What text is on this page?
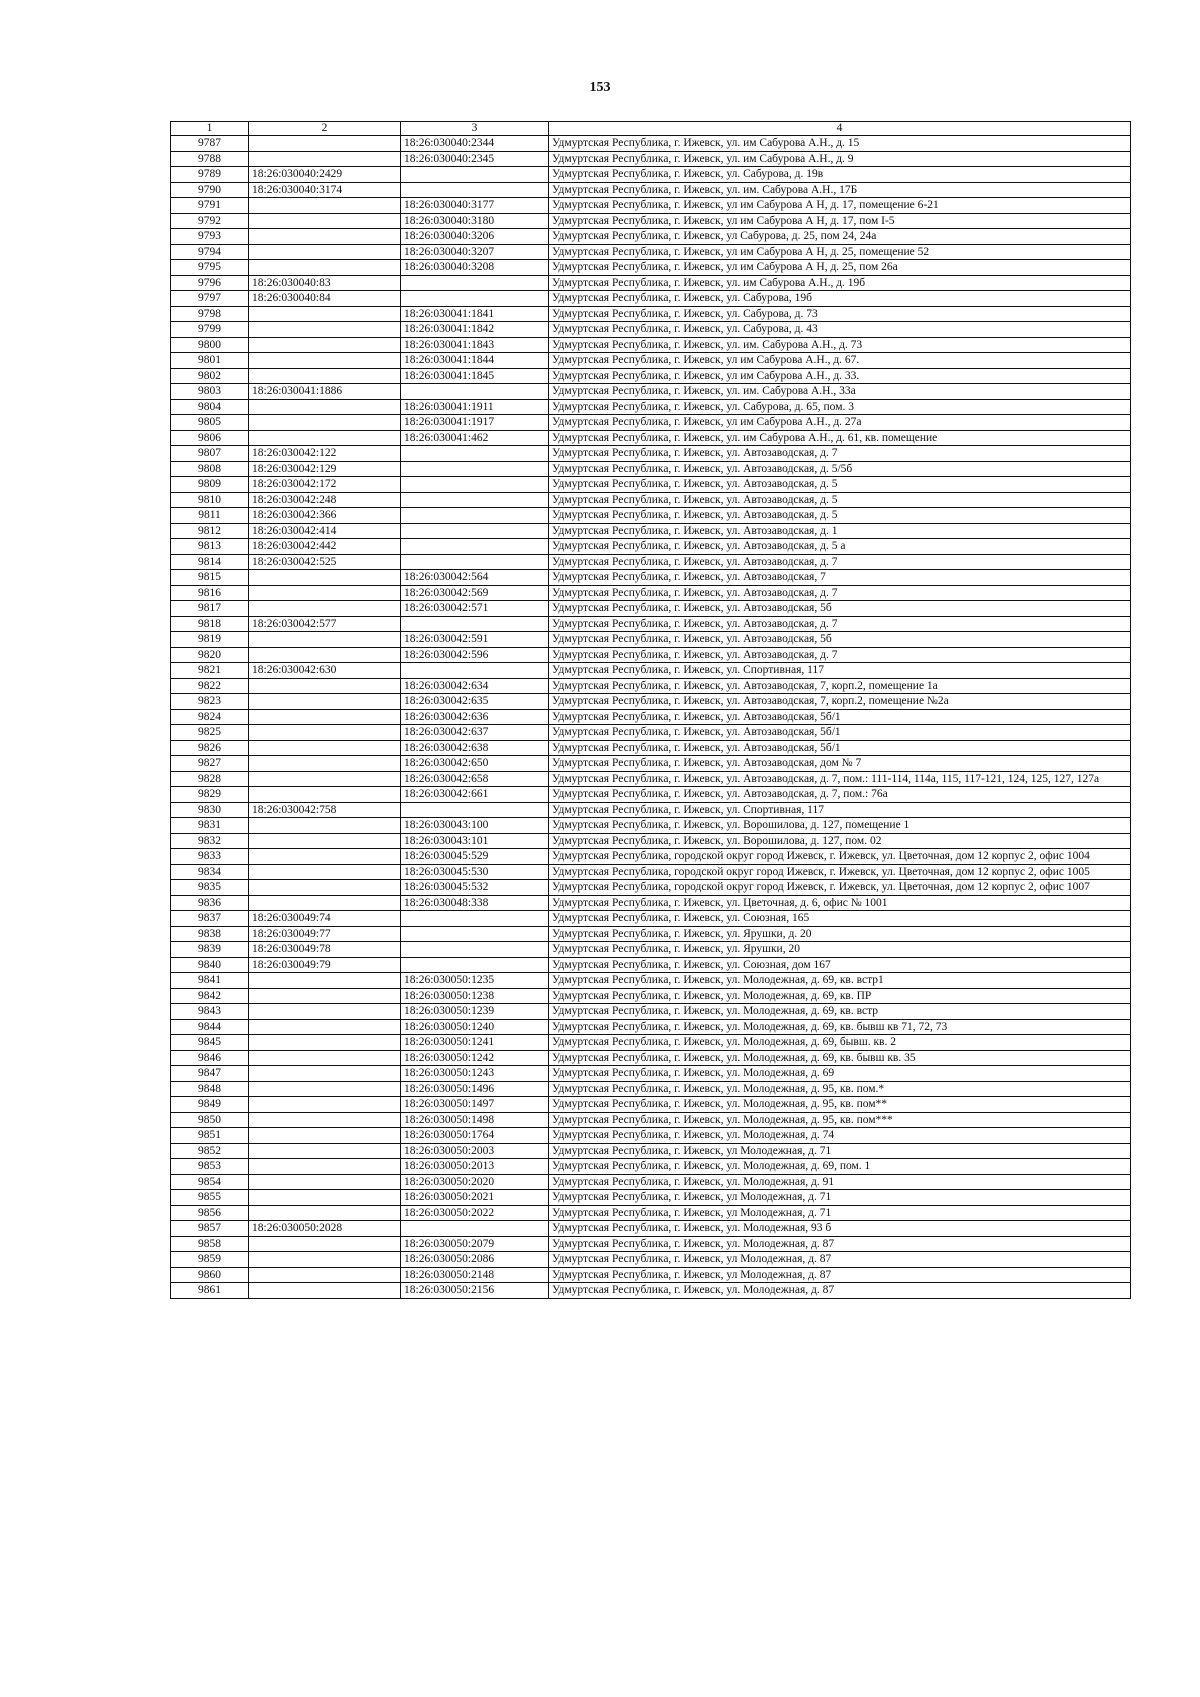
153
1	2	3	4
9787		18:26:030040:2344	Удмуртская Республика, г. Ижевск, ул. им Сабурова А.Н., д. 15
9788		18:26:030040:2345	Удмуртская Республика, г. Ижевск, ул. им Сабурова А.Н., д. 9
9789	18:26:030040:2429		Удмуртская Республика, г. Ижевск, ул. Сабурова, д. 19в
9790	18:26:030040:3174		Удмуртская Республика, г. Ижевск, ул. им. Сабурова А.Н., 17Б
9791		18:26:030040:3177	Удмуртская Республика, г. Ижевск, ул им Сабурова А Н, д. 17, помещение 6-21
9792		18:26:030040:3180	Удмуртская Республика, г. Ижевск, ул им Сабурова А Н, д. 17, пом I-5
9793		18:26:030040:3206	Удмуртская Республика, г. Ижевск, ул Сабурова, д. 25, пом 24, 24а
9794		18:26:030040:3207	Удмуртская Республика, г. Ижевск, ул им Сабурова А Н, д. 25, помещение 52
9795		18:26:030040:3208	Удмуртская Республика, г. Ижевск, ул им Сабурова А Н, д. 25, пом 26а
9796	18:26:030040:83		Удмуртская Республика, г. Ижевск, ул. им Сабурова А.Н., д. 19б
9797	18:26:030040:84		Удмуртская Республика, г. Ижевск, ул. Сабурова, 19б
9798		18:26:030041:1841	Удмуртская Республика, г. Ижевск, ул. Сабурова, д. 73
9799		18:26:030041:1842	Удмуртская Республика, г. Ижевск, ул. Сабурова, д. 43
9800		18:26:030041:1843	Удмуртская Республика, г. Ижевск, ул. им. Сабурова А.Н., д. 73
9801		18:26:030041:1844	Удмуртская Республика, г. Ижевск, ул им Сабурова А.Н., д. 67.
9802		18:26:030041:1845	Удмуртская Республика, г. Ижевск, ул им Сабурова А.Н., д. 33.
9803	18:26:030041:1886		Удмуртская Республика, г. Ижевск, ул. им. Сабурова А.Н., 33а
9804		18:26:030041:1911	Удмуртская Республика, г. Ижевск, ул. Сабурова, д. 65, пом. 3
9805		18:26:030041:1917	Удмуртская Республика, г. Ижевск, ул им Сабурова А.Н., д. 27а
9806		18:26:030041:462	Удмуртская Республика, г. Ижевск, ул. им Сабурова А.Н., д. 61, кв. помещение
9807	18:26:030042:122		Удмуртская Республика, г. Ижевск, ул. Автозаводская, д. 7
9808	18:26:030042:129		Удмуртская Республика, г. Ижевск, ул. Автозаводская, д. 5/5б
9809	18:26:030042:172		Удмуртская Республика, г. Ижевск, ул. Автозаводская, д. 5
9810	18:26:030042:248		Удмуртская Республика, г. Ижевск, ул. Автозаводская, д. 5
9811	18:26:030042:366		Удмуртская Республика, г. Ижевск, ул. Автозаводская, д. 5
9812	18:26:030042:414		Удмуртская Республика, г. Ижевск, ул. Автозаводская, д. 1
9813	18:26:030042:442		Удмуртская Республика, г. Ижевск, ул. Автозаводская, д. 5 а
9814	18:26:030042:525		Удмуртская Республика, г. Ижевск, ул. Автозаводская, д. 7
9815		18:26:030042:564	Удмуртская Республика, г. Ижевск, ул. Автозаводская, 7
9816		18:26:030042:569	Удмуртская Республика, г. Ижевск, ул. Автозаводская, д. 7
9817		18:26:030042:571	Удмуртская Республика, г. Ижевск, ул. Автозаводская, 5б
9818	18:26:030042:577		Удмуртская Республика, г. Ижевск, ул. Автозаводская, д. 7
9819		18:26:030042:591	Удмуртская Республика, г. Ижевск, ул. Автозаводская, 5б
9820		18:26:030042:596	Удмуртская Республика, г. Ижевск, ул. Автозаводская, д. 7
9821	18:26:030042:630		Удмуртская Республика, г. Ижевск, ул. Спортивная, 117
9822		18:26:030042:634	Удмуртская Республика, г. Ижевск, ул. Автозаводская, 7, корп.2, помещение 1а
9823		18:26:030042:635	Удмуртская Республика, г. Ижевск, ул. Автозаводская, 7, корп.2, помещение №2а
9824		18:26:030042:636	Удмуртская Республика, г. Ижевск, ул. Автозаводская, 5б/1
9825		18:26:030042:637	Удмуртская Республика, г. Ижевск, ул. Автозаводская, 5б/1
9826		18:26:030042:638	Удмуртская Республика, г. Ижевск, ул. Автозаводская, 5б/1
9827		18:26:030042:650	Удмуртская Республика, г. Ижевск, ул. Автозаводская, дом № 7
9828		18:26:030042:658	Удмуртская Республика, г. Ижевск, ул. Автозаводская, д. 7, пом.: 111-114, 114а, 115, 117-121, 124, 125, 127, 127а
9829		18:26:030042:661	Удмуртская Республика, г. Ижевск, ул. Автозаводская, д. 7, пом.: 76а
9830	18:26:030042:758		Удмуртская Республика, г. Ижевск, ул. Спортивная, 117
9831		18:26:030043:100	Удмуртская Республика, г. Ижевск, ул. Ворошилова, д. 127, помещение 1
9832		18:26:030043:101	Удмуртская Республика, г. Ижевск, ул. Ворошилова, д. 127, пом. 02
9833		18:26:030045:529	Удмуртская Республика, городской округ город Ижевск, г. Ижевск, ул. Цветочная, дом 12 корпус 2, офис 1004
9834		18:26:030045:530	Удмуртская Республика, городской округ город Ижевск, г. Ижевск, ул. Цветочная, дом 12 корпус 2, офис 1005
9835		18:26:030045:532	Удмуртская Республика, городской округ город Ижевск, г. Ижевск, ул. Цветочная, дом 12 корпус 2, офис 1007
9836		18:26:030048:338	Удмуртская Республика, г. Ижевск, ул. Цветочная, д. 6, офис № 1001
9837	18:26:030049:74		Удмуртская Республика, г. Ижевск, ул. Союзная, 165
9838	18:26:030049:77		Удмуртская Республика, г. Ижевск, ул. Ярушки, д. 20
9839	18:26:030049:78		Удмуртская Республика, г. Ижевск, ул. Ярушки, 20
9840	18:26:030049:79		Удмуртская Республика, г. Ижевск, ул. Союзная, дом 167
9841		18:26:030050:1235	Удмуртская Республика, г. Ижевск, ул. Молодежная, д. 69, кв. встр1
9842		18:26:030050:1238	Удмуртская Республика, г. Ижевск, ул. Молодежная, д. 69, кв. ПР
9843		18:26:030050:1239	Удмуртская Республика, г. Ижевск, ул. Молодежная, д. 69, кв. встр
9844		18:26:030050:1240	Удмуртская Республика, г. Ижевск, ул. Молодежная, д. 69, кв. бывш кв 71, 72, 73
9845		18:26:030050:1241	Удмуртская Республика, г. Ижевск, ул. Молодежная, д. 69, бывш. кв. 2
9846		18:26:030050:1242	Удмуртская Республика, г. Ижевск, ул. Молодежная, д. 69, кв. бывш кв. 35
9847		18:26:030050:1243	Удмуртская Республика, г. Ижевск, ул. Молодежная, д. 69
9848		18:26:030050:1496	Удмуртская Республика, г. Ижевск, ул. Молодежная, д. 95, кв. пом.*
9849		18:26:030050:1497	Удмуртская Республика, г. Ижевск, ул. Молодежная, д. 95, кв. пом**
9850		18:26:030050:1498	Удмуртская Республика, г. Ижевск, ул. Молодежная, д. 95, кв. пом***
9851		18:26:030050:1764	Удмуртская Республика, г. Ижевск, ул. Молодежная, д. 74
9852		18:26:030050:2003	Удмуртская Республика, г. Ижевск, ул Молодежная, д. 71
9853		18:26:030050:2013	Удмуртская Республика, г. Ижевск, ул. Молодежная, д. 69, пом. 1
9854		18:26:030050:2020	Удмуртская Республика, г. Ижевск, ул. Молодежная, д. 91
9855		18:26:030050:2021	Удмуртская Республика, г. Ижевск, ул Молодежная, д. 71
9856		18:26:030050:2022	Удмуртская Республика, г. Ижевск, ул Молодежная, д. 71
9857	18:26:030050:2028		Удмуртская Республика, г. Ижевск, ул. Молодежная, 93 б
9858		18:26:030050:2079	Удмуртская Республика, г. Ижевск, ул. Молодежная, д. 87
9859		18:26:030050:2086	Удмуртская Республика, г. Ижевск, ул Молодежная, д. 87
9860		18:26:030050:2148	Удмуртская Республика, г. Ижевск, ул Молодежная, д. 87
9861		18:26:030050:2156	Удмуртская Республика, г. Ижевск, ул. Молодежная, д. 87
